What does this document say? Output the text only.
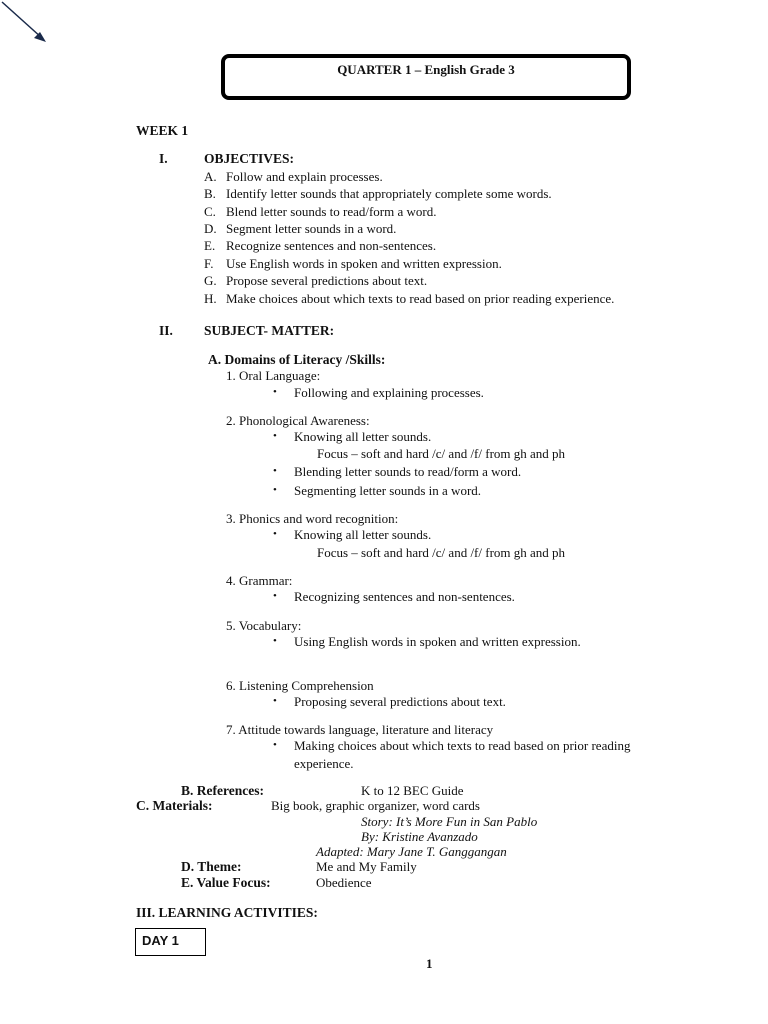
QUARTER 1 – English Grade 3
WEEK 1
I.	OBJECTIVES:
A. Follow and explain processes.
B. Identify letter sounds that appropriately complete some words.
C. Blend letter sounds to read/form a word.
D. Segment letter sounds in a word.
E. Recognize sentences and non-sentences.
F. Use English words in spoken and written expression.
G. Propose several predictions about text.
H. Make choices about which texts to read based on prior reading experience.
II. SUBJECT- MATTER:
A. Domains of Literacy /Skills:
1. Oral Language:
• Following and explaining processes.
2. Phonological Awareness:
• Knowing all letter sounds.
Focus – soft and hard /c/ and /f/ from gh and ph
• Blending letter sounds to read/form a word.
• Segmenting letter sounds in a word.
3. Phonics and word recognition:
• Knowing all letter sounds.
Focus – soft and hard /c/ and /f/ from gh and ph
4. Grammar:
• Recognizing sentences and non-sentences.
5. Vocabulary:
• Using English words in spoken and written expression.
6. Listening Comprehension
• Proposing several predictions about text.
7. Attitude towards language, literature and literacy
• Making choices about which texts to read based on prior reading
experience.
B. References:	K to 12 BEC Guide
C. Materials:	Big book, graphic organizer, word cards
Story: It’s More Fun in San Pablo
By: Kristine Avanzado
Adapted: Mary Jane T. Ganggangan
D. Theme:	Me and My Family
E. Value Focus:	Obedience
III. LEARNING ACTIVITIES:
DAY 1
1
